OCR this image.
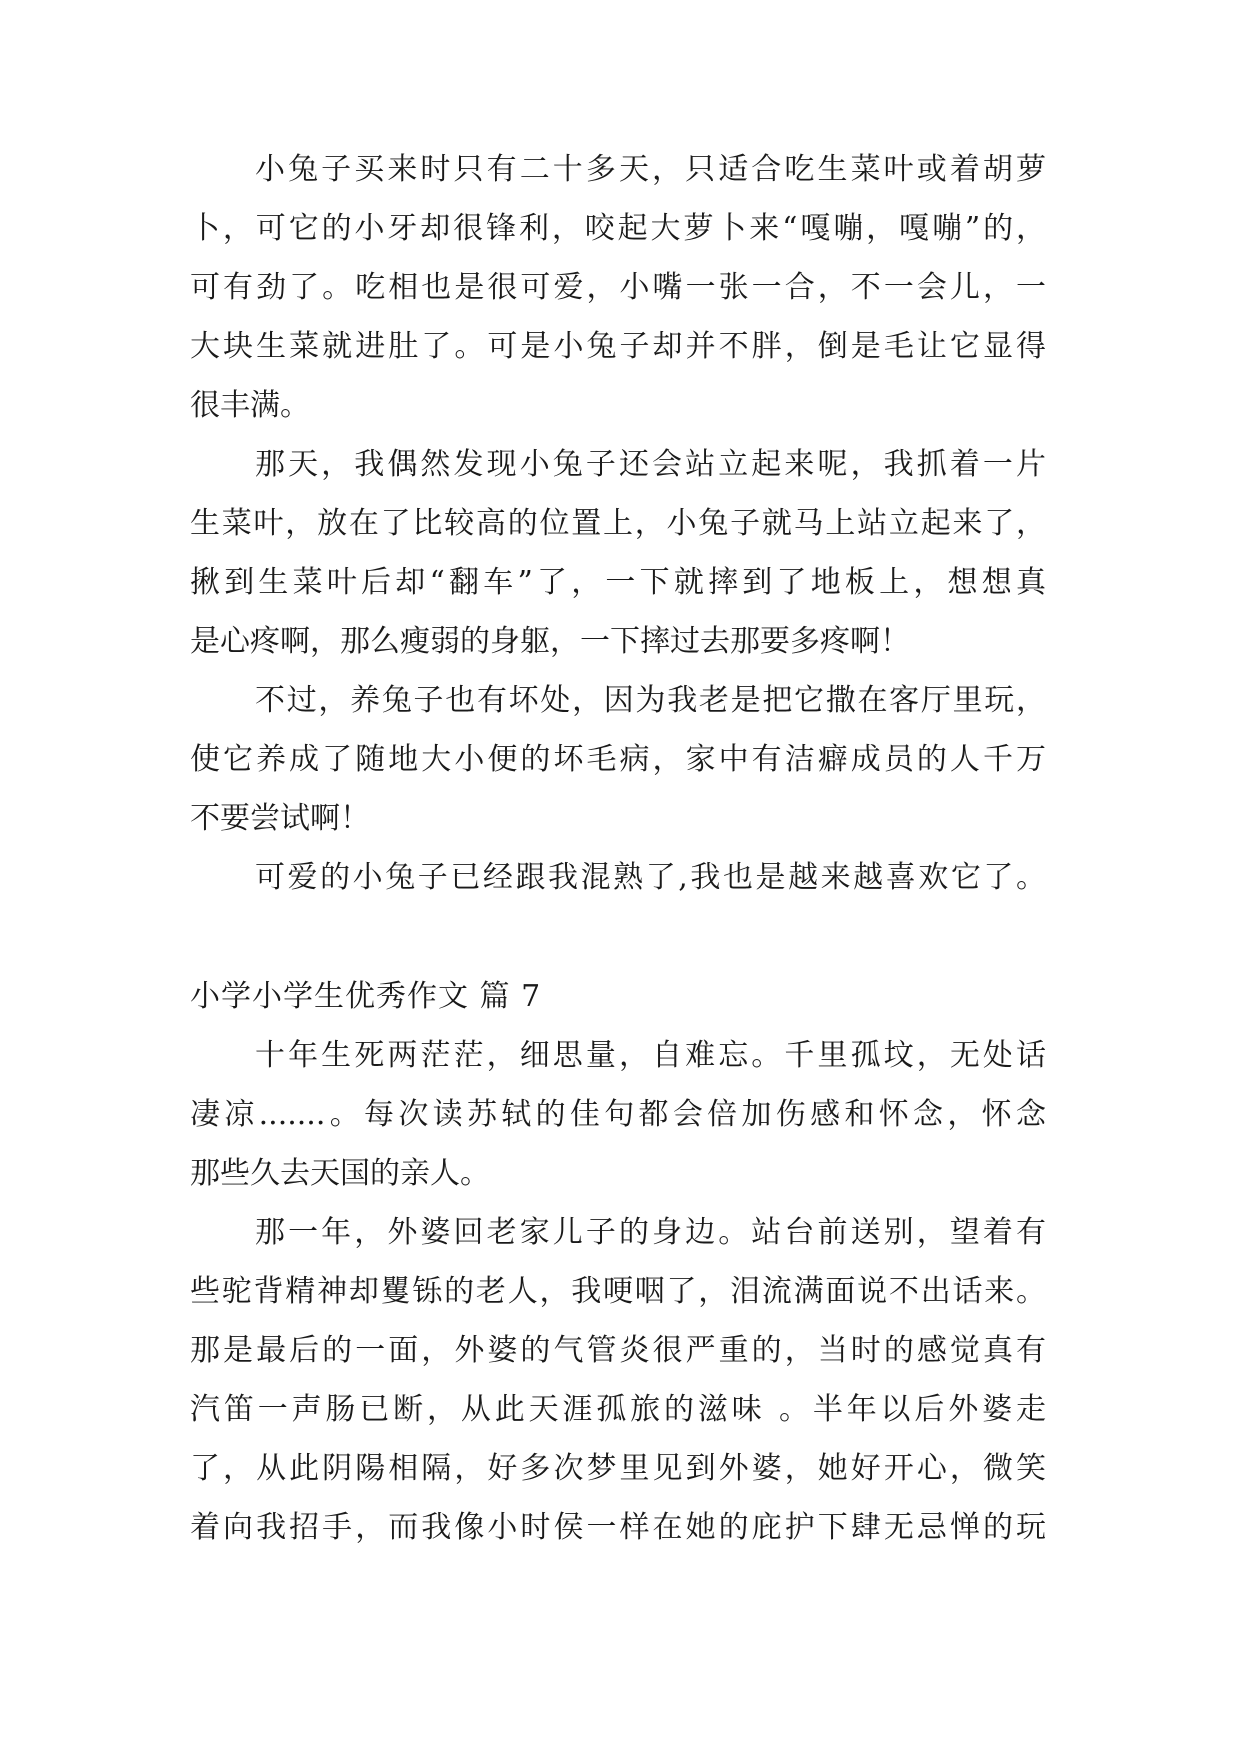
小兔子买来时只有二十多天，只适合吃生菜叶或着胡萝
卜，可它的小牙却很锋利，咬起大萝卜来“嘎嘣，嘎嘣”的，
可有劲了。吃相也是很可爱，小嘴一张一合，不一会儿，一
大块生菜就进肚了。可是小兔子却并不胖，倒是毛让它显得
很丰满。
那天，我偶然发现小兔子还会站立起来呢，我抓着一片
生菜叶，放在了比较高的位置上，小兔子就马上站立起来了，
揪到生菜叶后却“翻车”了，一下就摔到了地板上，想想真
是心疼啊，那么瘦弱的身躯，一下摔过去那要多疼啊！
不过，养兔子也有坏处，因为我老是把它撒在客厅里玩，
使它养成了随地大小便的坏毛病，家中有洁癖成员的人千万
不要尝试啊！
可爱的小兔子已经跟我混熟了,我也是越来越喜欢它了。
小学小学生优秀作文 篇 7
十年生死两茫茫，细思量，自难忘。千里孤坟，无处话
凄凉.......。每次读苏轼的佳句都会倍加伤感和怀念，怀念
那些久去天国的亲人。
那一年，外婆回老家儿子的身边。站台前送别，望着有
些驼背精神却矍铄的老人，我哽咽了，泪流满面说不出话来。
那是最后的一面，外婆的气管炎很严重的，当时的感觉真有
汽笛一声肠已断，从此天涯孤旅的滋味 。半年以后外婆走
了，从此阴陽相隔，好多次梦里见到外婆，她好开心，微笑
着向我招手，而我像小时侯一样在她的庇护下肆无忌惮的玩
